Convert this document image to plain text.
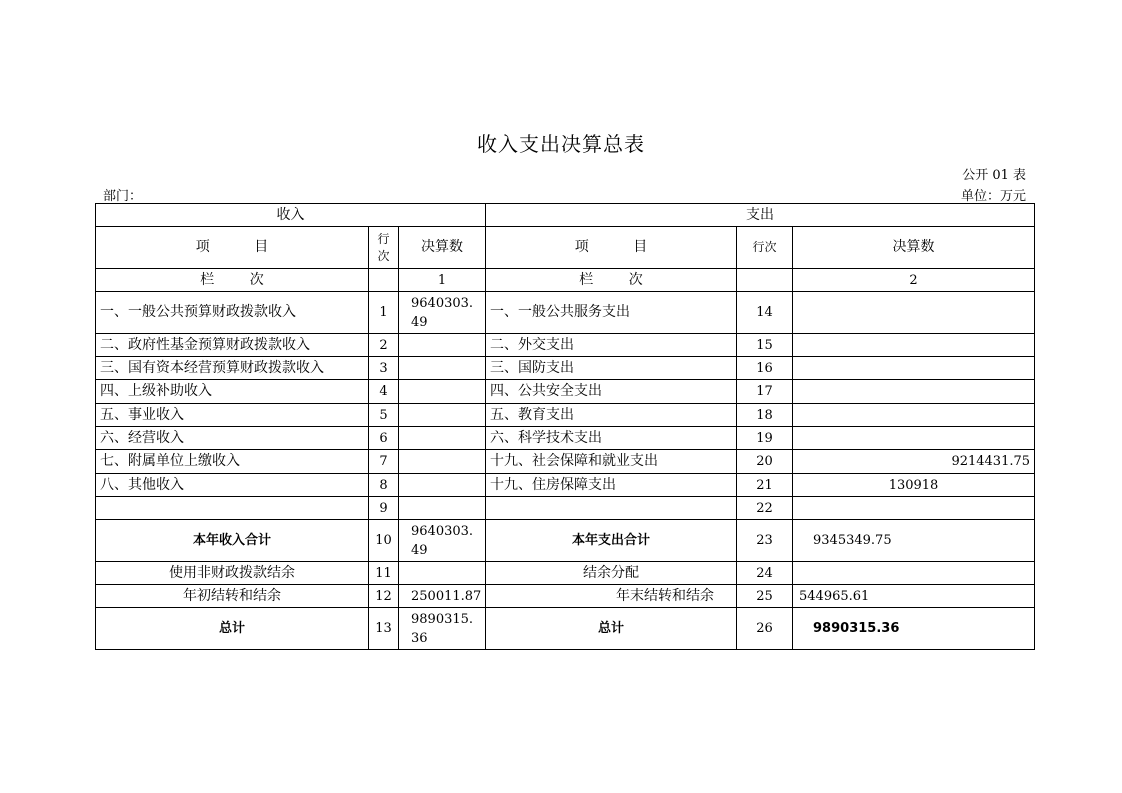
收入支出决算总表
公开 01 表
部门：	单位：万元
收入			支出		
项          目	行次	决算数	项          目	行次	决算数
栏        次		1	栏        次		2
一、一般公共预算财政拨款收入	1	9640303.49	一、一般公共服务支出	14	
二、政府性基金预算财政拨款收入	2		二、外交支出	15	
三、国有资本经营预算财政拨款收入	3		三、国防支出	16	
四、上级补助收入	4		四、公共安全支出	17	
五、事业收入	5		五、教育支出	18	
六、经营收入	6		六、科学技术支出	19	
七、附属单位上缴收入	7		十九、社会保障和就业支出	20	9214431.75
八、其他收入	8		十九、住房保障支出	21	130918
	9			22	
本年收入合计	10	9640303.49	本年支出合计	23	9345349.75
使用非财政拨款结余	11		结余分配	24	
年初结转和结余	12	250011.87	年末结转和结余	25	544965.61
总计	13	9890315.36	总计	26	9890315.36
